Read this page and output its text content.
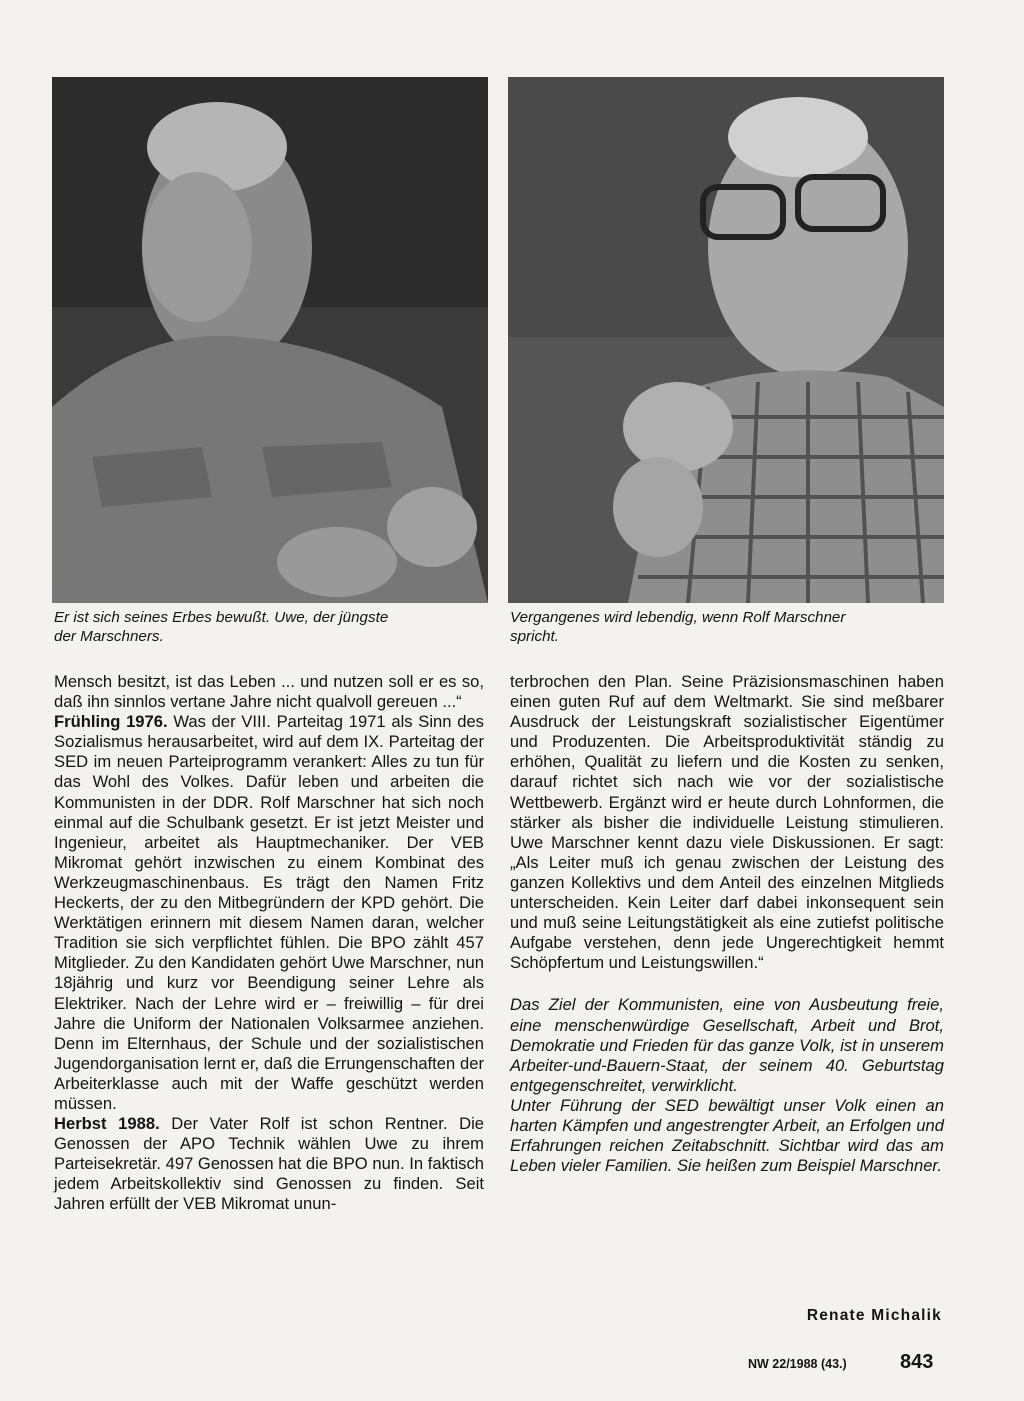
Er ist sich seines Erbes bewußt. Uwe, der jüngste

der Marschners.

Vergangenes wird lebendig, wenn Rolf Marschner

spricht.

Mensch besitzt, ist das Leben ... und nutzen soll er es so, daß ihn sinnlos vertane Jahre nicht qualvoll gereuen ...“

Frühling 1976. Was der VIII. Parteitag 1971 als Sinn des Sozialismus herausarbeitet, wird auf dem IX. Parteitag der SED im neuen Parteiprogramm verankert: Alles zu tun für das Wohl des Volkes. Dafür leben und arbeiten die Kommunisten in der DDR. Rolf Marschner hat sich noch einmal auf die Schulbank gesetzt. Er ist jetzt Meister und Ingenieur, arbeitet als Hauptmechaniker. Der VEB Mikromat gehört inzwischen zu einem Kombinat des Werkzeugmaschinenbaus. Es trägt den Namen Fritz Heckerts, der zu den Mitbegründern der KPD gehört. Die Werktätigen erinnern mit diesem Namen daran, welcher Tradition sie sich verpflichtet fühlen. Die BPO zählt 457 Mitglieder. Zu den Kandidaten gehört Uwe Marschner, nun 18jährig und kurz vor Beendigung seiner Lehre als Elektriker. Nach der Lehre wird er – freiwillig – für drei Jahre die Uniform der Nationalen Volksarmee anziehen. Denn im Elternhaus, der Schule und der sozialistischen Jugendorganisation lernt er, daß die Errungenschaften der Arbeiterklasse auch mit der Waffe geschützt werden müssen.

Herbst 1988. Der Vater Rolf ist schon Rentner. Die Genossen der APO Technik wählen Uwe zu ihrem Parteisekretär. 497 Genossen hat die BPO nun. In faktisch jedem Arbeitskollektiv sind Genossen zu finden. Seit Jahren erfüllt der VEB Mikromat unun-

terbrochen den Plan. Seine Präzisionsmaschinen haben einen guten Ruf auf dem Weltmarkt. Sie sind meßbarer Ausdruck der Leistungskraft sozialistischer Eigentümer und Produzenten. Die Arbeitsproduktivität ständig zu erhöhen, Qualität zu liefern und die Kosten zu senken, darauf richtet sich nach wie vor der sozialistische Wettbewerb. Ergänzt wird er heute durch Lohnformen, die stärker als bisher die individuelle Leistung stimulieren. Uwe Marschner kennt dazu viele Diskussionen. Er sagt: „Als Leiter muß ich genau zwischen der Leistung des ganzen Kollektivs und dem Anteil des einzelnen Mitglieds unterscheiden. Kein Leiter darf dabei inkonsequent sein und muß seine Leitungstätigkeit als eine zutiefst politische Aufgabe verstehen, denn jede Ungerechtigkeit hemmt Schöpfertum und Leistungswillen.“

Das Ziel der Kommunisten, eine von Ausbeutung freie, eine menschenwürdige Gesellschaft, Arbeit und Brot, Demokratie und Frieden für das ganze Volk, ist in unserem Arbeiter-und-Bauern-Staat, der seinem 40. Geburtstag entgegenschreitet, verwirklicht.

Unter Führung der SED bewältigt unser Volk einen an harten Kämpfen und angestrengter Arbeit, an Erfolgen und Erfahrungen reichen Zeitabschnitt. Sichtbar wird das am Leben vieler Familien. Sie heißen zum Beispiel Marschner.

Renate Michalik
NW 22/1988 (43.)	843
